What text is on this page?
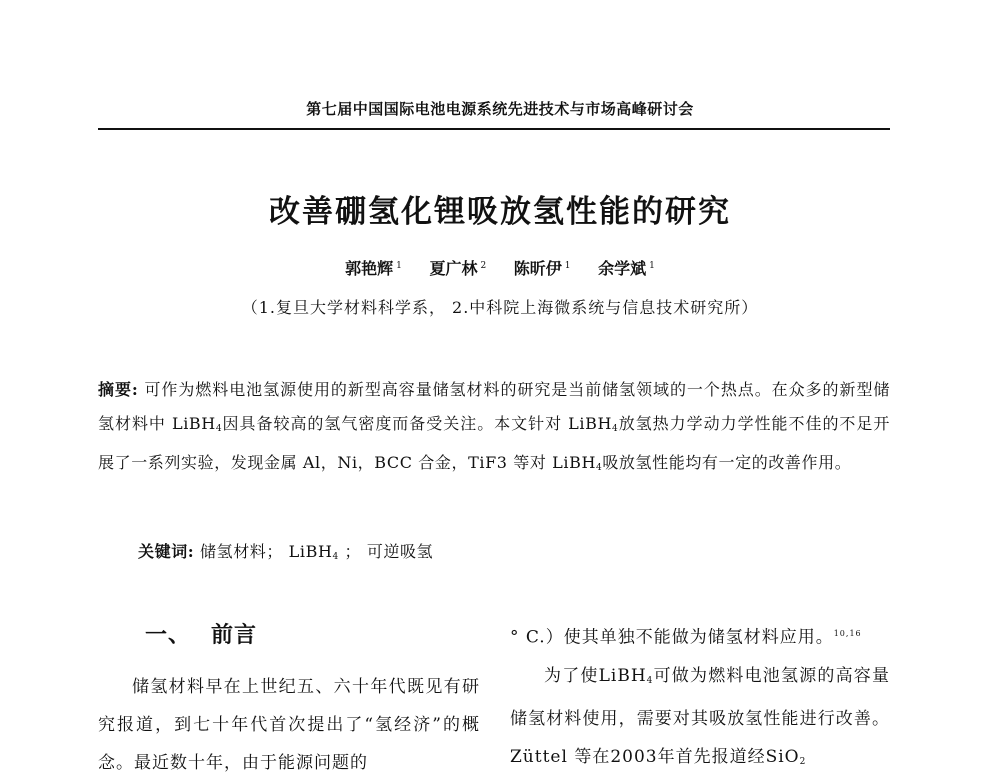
第七届中国国际电池电源系统先进技术与市场高峰研讨会
改善硼氢化锂吸放氢性能的研究
郭艳辉 $^1$ 夏广林 $^2$ 陈昕伊 $^1$ 余学斌 $^1$
（1.复旦大学材料科学系， 2.中科院上海微系统与信息技术研究所）
摘要: 可作为燃料电池氢源使用的新型高容量储氢材料的研究是当前储氢领域的一个热点。在众多的新型储氢材料中 LiBH$_4$因具备较高的氢气密度而备受关注。本文针对 LiBH$_4$放氢热力学动力学性能不佳的不足开展了一系列实验，发现金属 Al，Ni，BCC 合金，TiF3 等对 LiBH$_4$吸放氢性能均有一定的改善作用。
关键词: 储氢材料； LiBH$_4$ ； 可逆吸氢
一、 前言

储氢材料早在上世纪五、六十年代既见有研究报道，到七十年代首次提出了“氢经济”的概念。最近数十年，由于能源问题的

° C.）使其单独不能做为储氢材料应用。$^{10,16}$

为了使LiBH$_4$可做为燃料电池氢源的高容量储氢材料使用，需要对其吸放氢性能进行改善。Züttel 等在2003年首先报道经SiO$_2$
